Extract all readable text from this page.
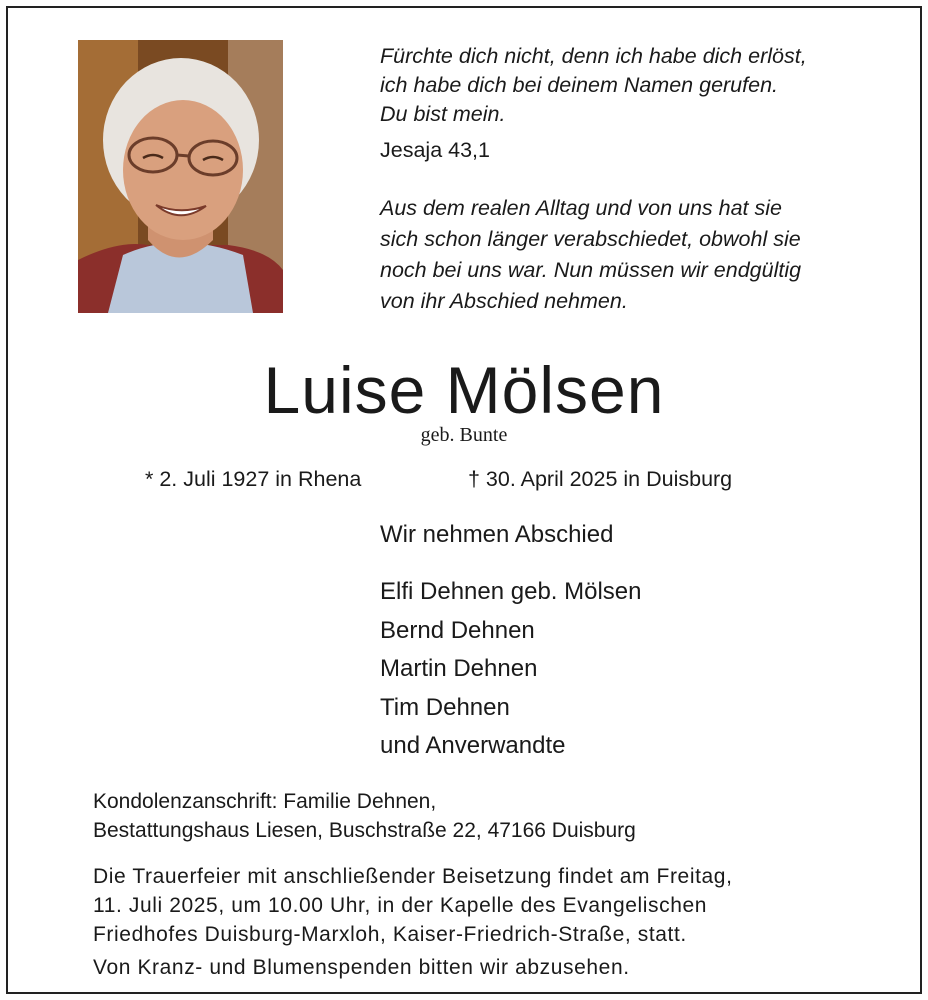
Fürchte dich nicht, denn ich habe dich erlöst,
ich habe dich bei deinem Namen gerufen.
Du bist mein.
Jesaja 43,1
Aus dem realen Alltag und von uns hat sie
sich schon länger verabschiedet, obwohl sie
noch bei uns war. Nun müssen wir endgültig
von ihr Abschied nehmen.
Luise Mölsen
geb. Bunte
* 2. Juli 1927 in Rhena	† 30. April 2025 in Duisburg
Wir nehmen Abschied
Elfi Dehnen geb. Mölsen
Bernd Dehnen
Martin Dehnen
Tim Dehnen
und Anverwandte
Kondolenzanschrift: Familie Dehnen,
Bestattungshaus Liesen, Buschstraße 22, 47166 Duisburg
Die Trauerfeier mit anschließender Beisetzung findet am Freitag,
11. Juli 2025, um 10.00 Uhr, in der Kapelle des Evangelischen
Friedhofes Duisburg-Marxloh, Kaiser-Friedrich-Straße, statt.
Von Kranz- und Blumenspenden bitten wir abzusehen.
